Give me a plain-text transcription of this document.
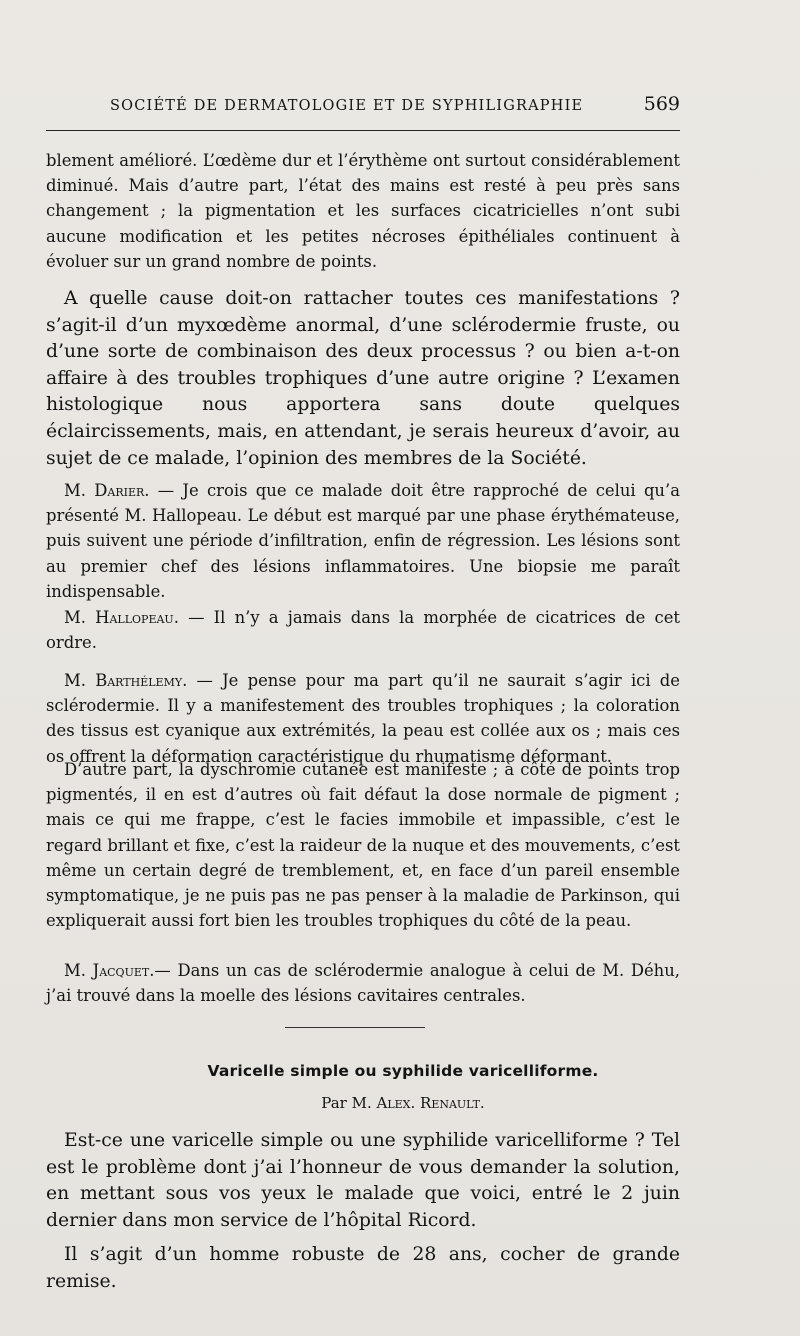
SOCIÉTÉ DE DERMATOLOGIE ET DE SYPHILIGRAPHIE	569

blement amélioré. L’œdème dur et l’érythème ont surtout considérablement diminué. Mais d’autre part, l’état des mains est resté à peu près sans changement ; la pigmentation et les surfaces cicatricielles n’ont subi aucune modification et les petites nécroses épithéliales continuent à évoluer sur un grand nombre de points.

A quelle cause doit-on rattacher toutes ces manifestations ? s’agit-il d’un myxœdème anormal, d’une sclérodermie fruste, ou d’une sorte de combinaison des deux processus ? ou bien a-t-on affaire à des troubles trophiques d’une autre origine ? L’examen histologique nous apportera sans doute quelques éclaircissements, mais, en attendant, je serais heureux d’avoir, au sujet de ce malade, l’opinion des membres de la Société.

M. Darier. — Je crois que ce malade doit être rapproché de celui qu’a présenté M. Hallopeau. Le début est marqué par une phase érythémateuse, puis suivent une période d’infiltration, enfin de régression. Les lésions sont au premier chef des lésions inflammatoires. Une biopsie me paraît indispensable.

M. Hallopeau. — Il n’y a jamais dans la morphée de cicatrices de cet ordre.

M. Barthélemy. — Je pense pour ma part qu’il ne saurait s’agir ici de sclérodermie. Il y a manifestement des troubles trophiques ; la coloration des tissus est cyanique aux extrémités, la peau est collée aux os ; mais ces os offrent la déformation caractéristique du rhumatisme déformant.

D’autre part, la dyschromie cutanée est manifeste ; à côté de points trop pigmentés, il en est d’autres où fait défaut la dose normale de pigment ; mais ce qui me frappe, c’est le facies immobile et impassible, c’est le regard brillant et fixe, c’est la raideur de la nuque et des mouvements, c’est même un certain degré de tremblement, et, en face d’un pareil ensemble symptomatique, je ne puis pas ne pas penser à la maladie de Parkinson, qui expliquerait aussi fort bien les troubles trophiques du côté de la peau.

M. Jacquet.— Dans un cas de sclérodermie analogue à celui de M. Déhu, j’ai trouvé dans la moelle des lésions cavitaires centrales.

Varicelle simple ou syphilide varicelliforme.
Par M. Alex. Renault.

Est-ce une varicelle simple ou une syphilide varicelliforme ? Tel est le problème dont j’ai l’honneur de vous demander la solution, en mettant sous vos yeux le malade que voici, entré le 2 juin dernier dans mon service de l’hôpital Ricord.

Il s’agit d’un homme robuste de 28 ans, cocher de grande remise.
